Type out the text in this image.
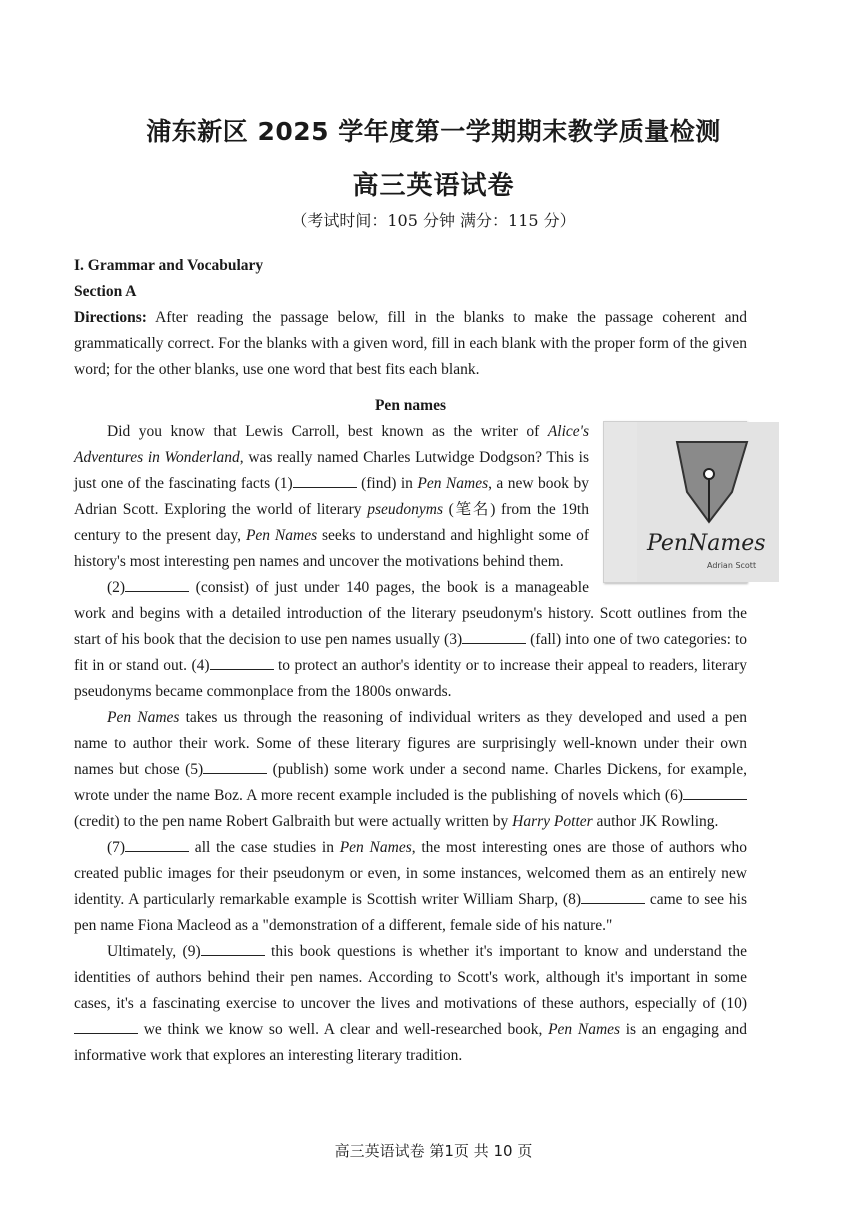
浦东新区 2025 学年度第一学期期末教学质量检测
高三英语试卷
（考试时间：105 分钟 满分：115 分）

I. Grammar and Vocabulary

Section A

Directions: After reading the passage below, fill in the blanks to make the passage coherent and grammatically correct. For the blanks with a given word, fill in each blank with the proper form of the given word; for the other blanks, use one word that best fits each blank.

Pen names

PenNames
Adrian Scott
Did you know that Lewis Carroll, best known as the writer of Alice's Adventures in Wonderland, was really named Charles Lutwidge Dodgson? This is just one of the fascinating facts (1)	(find) in Pen Names, a new book by Adrian Scott. Exploring the world of literary pseudonyms (笔名) from the 19th century to the present day, Pen Names seeks to understand and highlight some of history's most interesting pen names and uncover the motivations behind them.

(2)	(consist) of just under 140 pages, the book is a manageable work and begins with a detailed introduction of the literary pseudonym's history. Scott outlines from the start of his book that the decision to use pen names usually (3)	(fall) into one of two categories: to fit in or stand out. (4)	to protect an author's identity or to increase their appeal to readers, literary pseudonyms became commonplace from the 1800s onwards.

Pen Names takes us through the reasoning of individual writers as they developed and used a pen name to author their work. Some of these literary figures are surprisingly well-known under their own names but chose (5)	(publish) some work under a second name. Charles Dickens, for example, wrote under the name Boz. A more recent example included is the publishing of novels which (6) (credit) to the pen name Robert Galbraith but were actually written by Harry Potter author JK Rowling.

(7)	all the case studies in Pen Names, the most interesting ones are those of authors who created public images for their pseudonym or even, in some instances, welcomed them as an entirely new identity. A particularly remarkable example is Scottish writer William Sharp, (8)	came to see his pen name Fiona Macleod as a "demonstration of a different, female side of his nature."

Ultimately, (9)	this book questions is whether it's important to know and understand the identities of authors behind their pen names. According to Scott's work, although it's important in some cases, it's a fascinating exercise to uncover the lives and motivations of these authors, especially of (10) we think we know so well. A clear and well-researched book, Pen Names is an engaging and informative work that explores an interesting literary tradition.

高三英语试卷 第1页 共 10 页
